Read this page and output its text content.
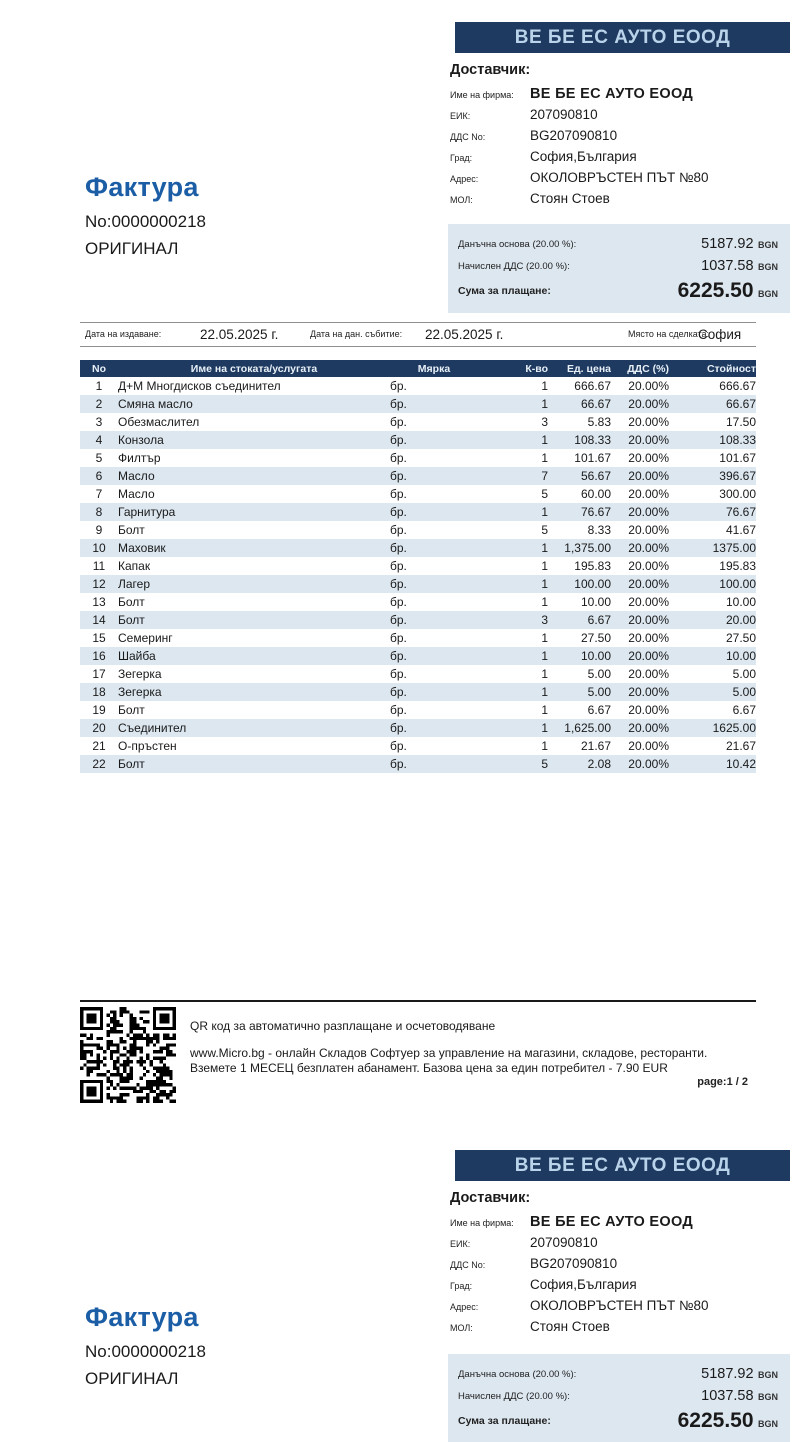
ВЕ БЕ ЕС АУТО ЕООД
Доставчик:
Име на фирма:	ВЕ БЕ ЕС АУТО ЕООД
ЕИК:	207090810
ДДС No:	BG207090810
Град:	София,България
Адрес:	ОКОЛОВРЪСТЕН ПЪТ №80
МОЛ:	Стоян Стоев
Фактура
No:0000000218
ОРИГИНАЛ	Данъчна основа (20.00 %):	5187.92 BGN
Начислен ДДС (20.00 %):	1037.58 BGN
Сума за плащане:	6225.50 BGN
Дата на издаване:	22.05.2025 г.	Дата на дан. събитие: 22.05.2025 г.	Място на сделката:
София
No	Име на стоката/услугата	Мярка	К-во	Ед. цена	ДДС (%)	Стойност
1	Д+М Многдисков съединител	бр.	1	666.67	20.00%	666.67
2	Смяна масло	бр.	1	66.67	20.00%	66.67
3	Обезмаслител	бр.	3	5.83	20.00%	17.50
4	Конзола	бр.	1	108.33	20.00%	108.33
5	Филтър	бр.	1	101.67	20.00%	101.67
6	Масло	бр.	7	56.67	20.00%	396.67
7	Масло	бр.	5	60.00	20.00%	300.00
8	Гарнитура	бр.	1	76.67	20.00%	76.67
9	Болт	бр.	5	8.33	20.00%	41.67
10	Маховик	бр.	1	1,375.00	20.00%	1375.00
11	Капак	бр.	1	195.83	20.00%	195.83
12	Лагер	бр.	1	100.00	20.00%	100.00
13	Болт	бр.	1	10.00	20.00%	10.00
14	Болт	бр.	3	6.67	20.00%	20.00
15	Семеринг	бр.	1	27.50	20.00%	27.50
16	Шайба	бр.	1	10.00	20.00%	10.00
17	Зегерка	бр.	1	5.00	20.00%	5.00
18	Зегерка	бр.	1	5.00	20.00%	5.00
19	Болт	бр.	1	6.67	20.00%	6.67
20	Съединител	бр.	1	1,625.00	20.00%	1625.00
21	О-пръстен	бр.	1	21.67	20.00%	21.67
22	Болт	бр.	5	2.08	20.00%	10.42
QR код за автоматично разплащане и осчетоводяване
www.Micro.bg - онлайн Складов Софтуер за управление на магазини, складове, ресторанти.
Вземете 1 МЕСЕЦ безплатен абанамент. Базова цена за един потребител - 7.90 EUR
page:1 / 2
ВЕ БЕ ЕС АУТО ЕООД
Доставчик:
Име на фирма:	ВЕ БЕ ЕС АУТО ЕООД
ЕИК:	207090810
ДДС No:	BG207090810
Град:	София,България
Адрес:	ОКОЛОВРЪСТЕН ПЪТ №80
МОЛ:	Стоян Стоев
Фактура
No:0000000218
ОРИГИНАЛ	Данъчна основа (20.00 %):	5187.92 BGN
Начислен ДДС (20.00 %):	1037.58 BGN
Сума за плащане:	6225.50 BGN
